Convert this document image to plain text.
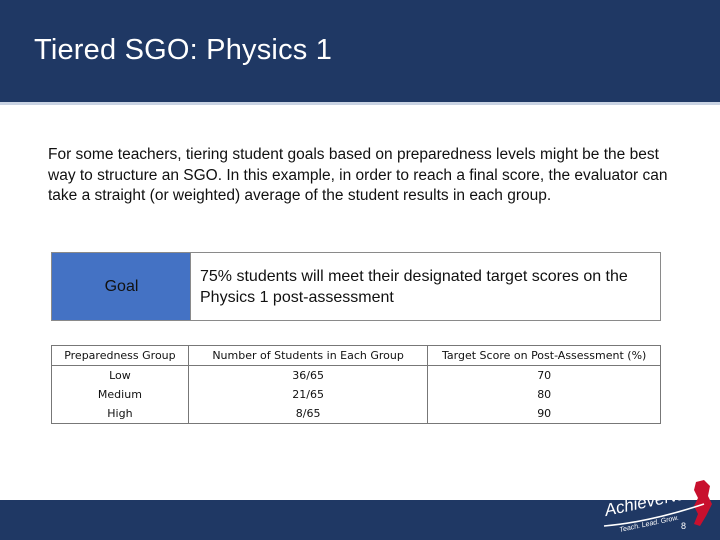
Tiered SGO: Physics 1
For some teachers, tiering student goals based on preparedness levels might be the best way to structure an SGO. In this example, in order to reach a final score, the evaluator can take a straight (or weighted) average of the student results in each group.
Goal
75% students will meet their designated target scores on the Physics 1 post-assessment
Preparedness Group	Number of Students in Each Group	Target Score on Post-Assessment (%)
Low	36/65	70
Medium	21/65	80
High	8/65	90
AchieveNJ
Teach. Lead. Grow. 8
